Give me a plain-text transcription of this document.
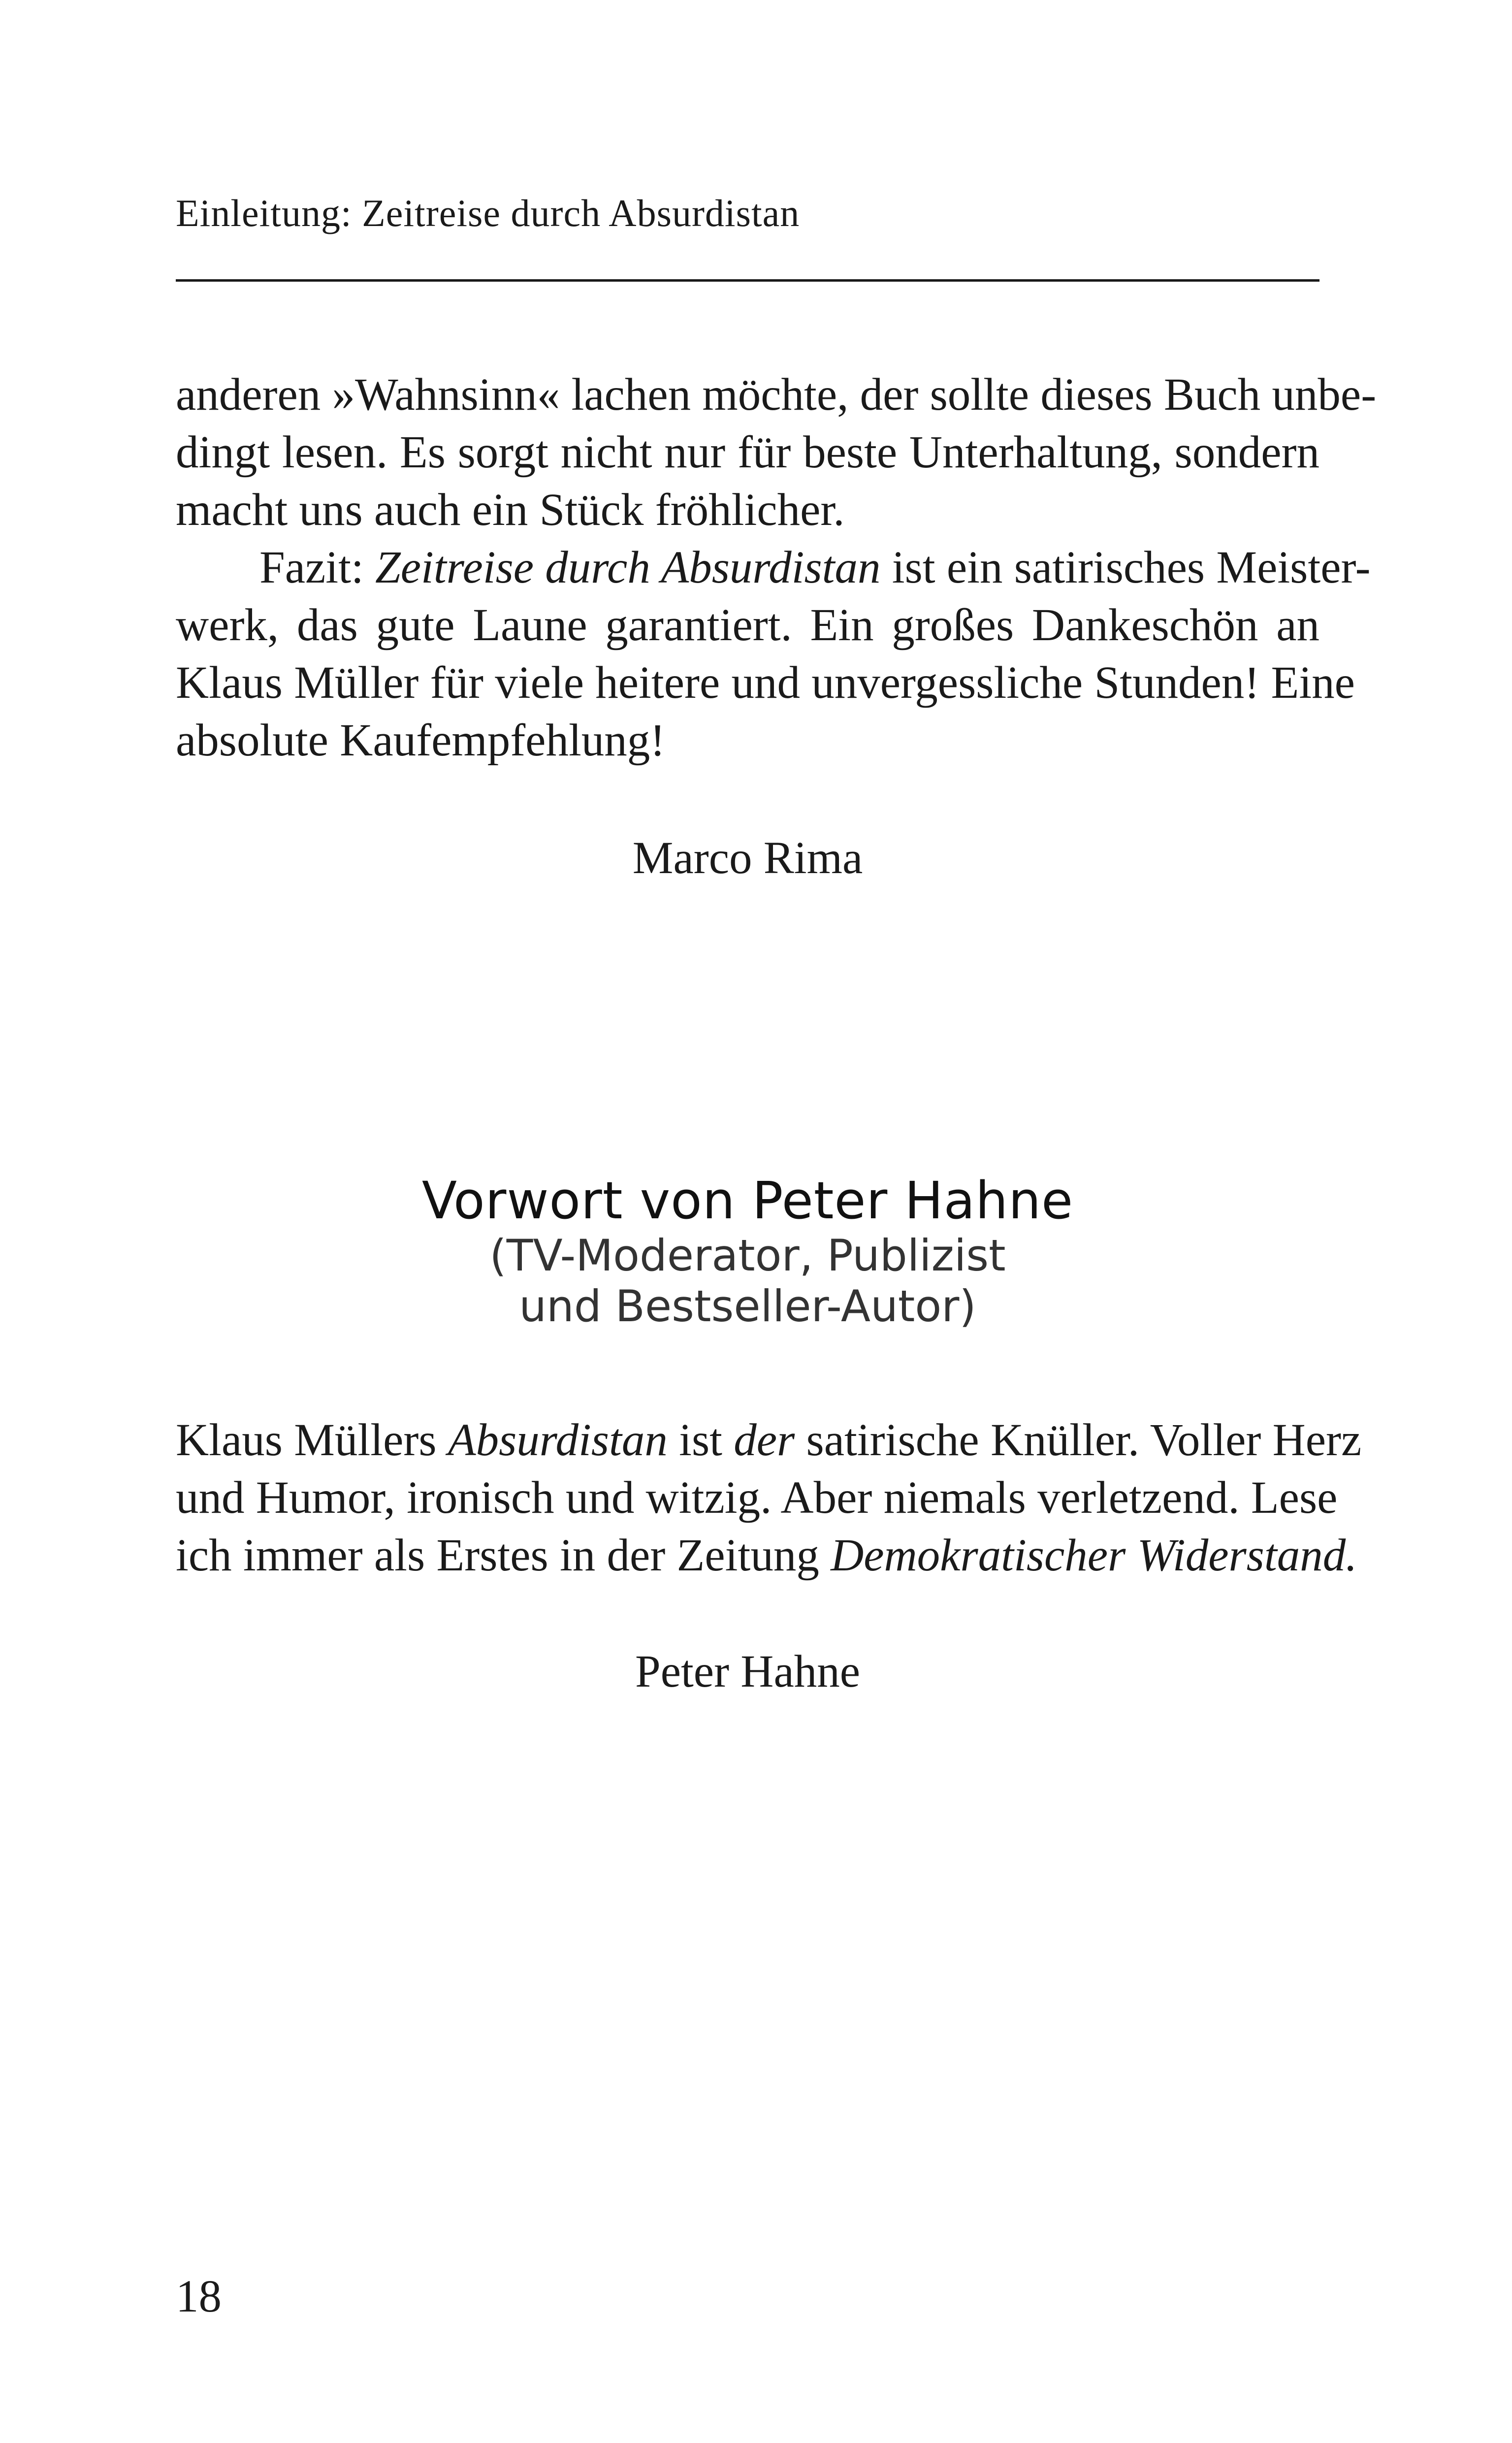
Einleitung: Zeitreise durch Absurdistan
anderen »Wahnsinn« lachen möchte, der sollte dieses Buch unbe-
dingt lesen. Es sorgt nicht nur für beste Unterhaltung, sondern
macht uns auch ein Stück fröhlicher.
Fazit: Zeitreise durch Absurdistan ist ein satirisches Meister-
werk, das gute Laune garantiert. Ein großes Dankeschön an
Klaus Müller für viele heitere und unvergessliche Stunden! Eine
absolute Kaufempfehlung!
Marco Rima
Vorwort von Peter Hahne
(TV-Moderator, Publizist
und Bestseller-Autor)
Klaus Müllers Absurdistan ist der satirische Knüller. Voller Herz
und Humor, ironisch und witzig. Aber niemals verletzend. Lese
ich immer als Erstes in der Zeitung Demokratischer Widerstand.
Peter Hahne
18
